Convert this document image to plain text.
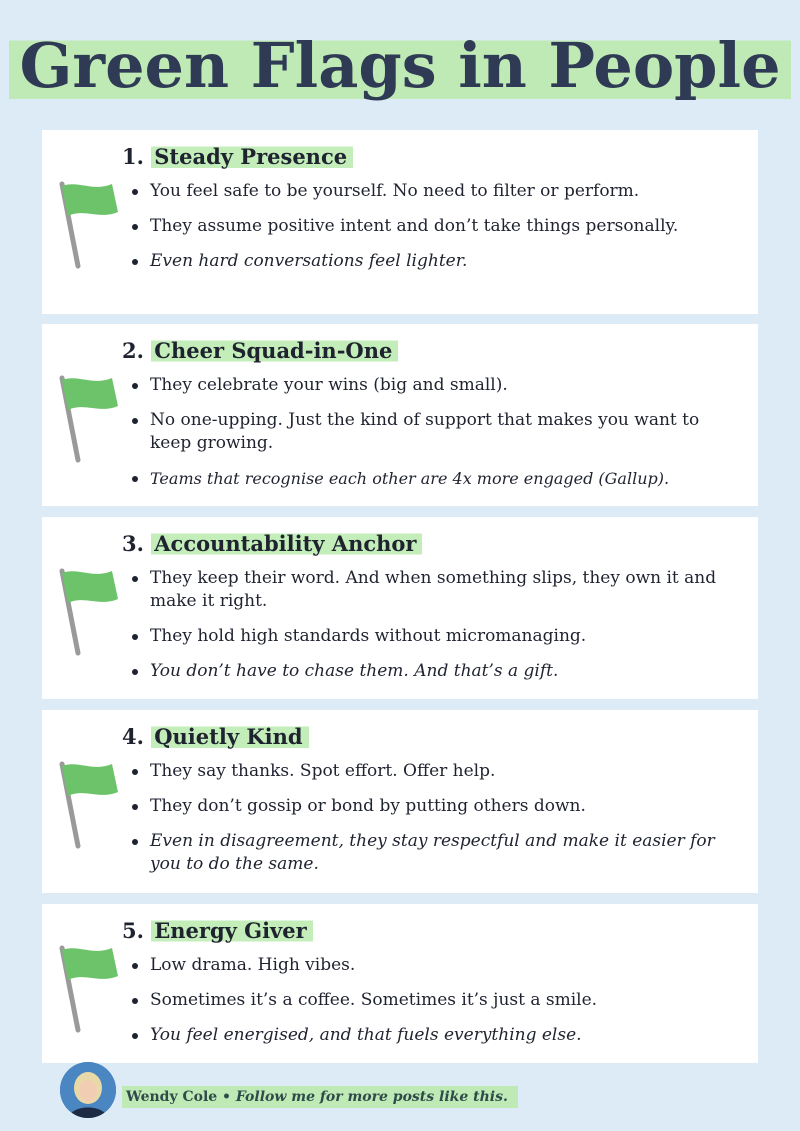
Green Flags in People
1. Steady Presence
You feel safe to be yourself. No need to filter or perform.
They assume positive intent and don’t take things personally.
Even hard conversations feel lighter.
2. Cheer Squad-in-One
They celebrate your wins (big and small).
No one-upping. Just the kind of support that makes you want to keep growing.
Teams that recognise each other are 4x more engaged (Gallup).
3. Accountability Anchor
They keep their word. And when something slips, they own it and make it right.
They hold high standards without micromanaging.
You don’t have to chase them. And that’s a gift.
4. Quietly Kind
They say thanks. Spot effort. Offer help.
They don’t gossip or bond by putting others down.
Even in disagreement, they stay respectful and make it easier for you to do the same.
5. Energy Giver
Low drama. High vibes.
Sometimes it’s a coffee. Sometimes it’s just a smile.
You feel energised, and that fuels everything else.
Wendy Cole • Follow me for more posts like this.
